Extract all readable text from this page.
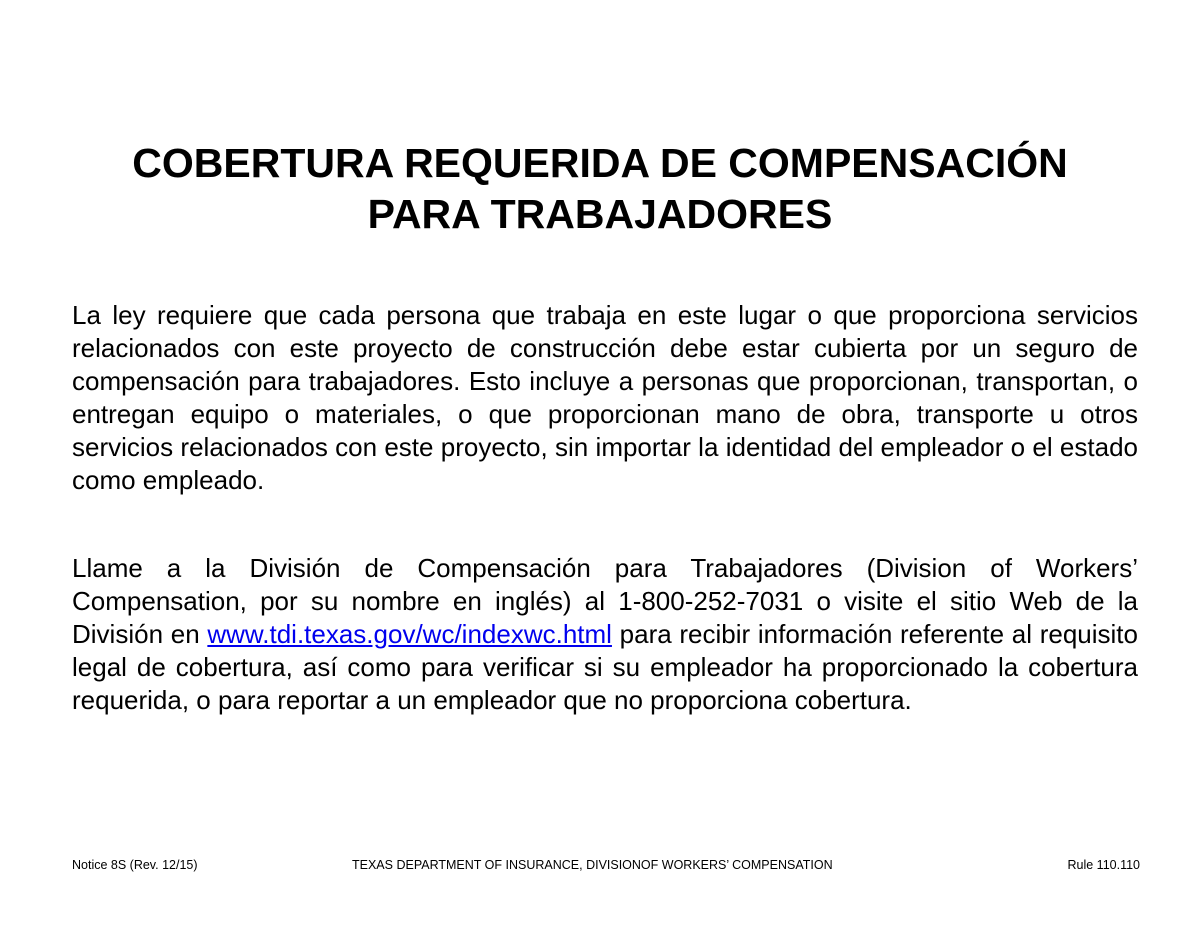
COBERTURA REQUERIDA DE COMPENSACIÓN
PARA TRABAJADORES

La ley requiere que cada persona que trabaja en este lugar o que proporciona servicios relacionados con este proyecto de construcción debe estar cubierta por un seguro de compensación para trabajadores. Esto incluye a personas que proporcionan, transportan, o entregan equipo o materiales, o que proporcionan mano de obra, transporte u otros servicios relacionados con este proyecto, sin importar la identidad del empleador o el estado como empleado.

Llame a la División de Compensación para Trabajadores (Division of Workers’ Compensation, por su nombre en inglés) al 1-800-252-7031 o visite el sitio Web de la División en www.tdi.texas.gov/wc/indexwc.html para recibir información referente al requisito legal de cobertura, así como para verificar si su empleador ha proporcionado la cobertura requerida, o para reportar a un empleador que no proporciona cobertura.

Notice 8S (Rev. 12/15)	TEXAS DEPARTMENT OF INSURANCE, DIVISIONOF WORKERS’ COMPENSATION	Rule 110.110
